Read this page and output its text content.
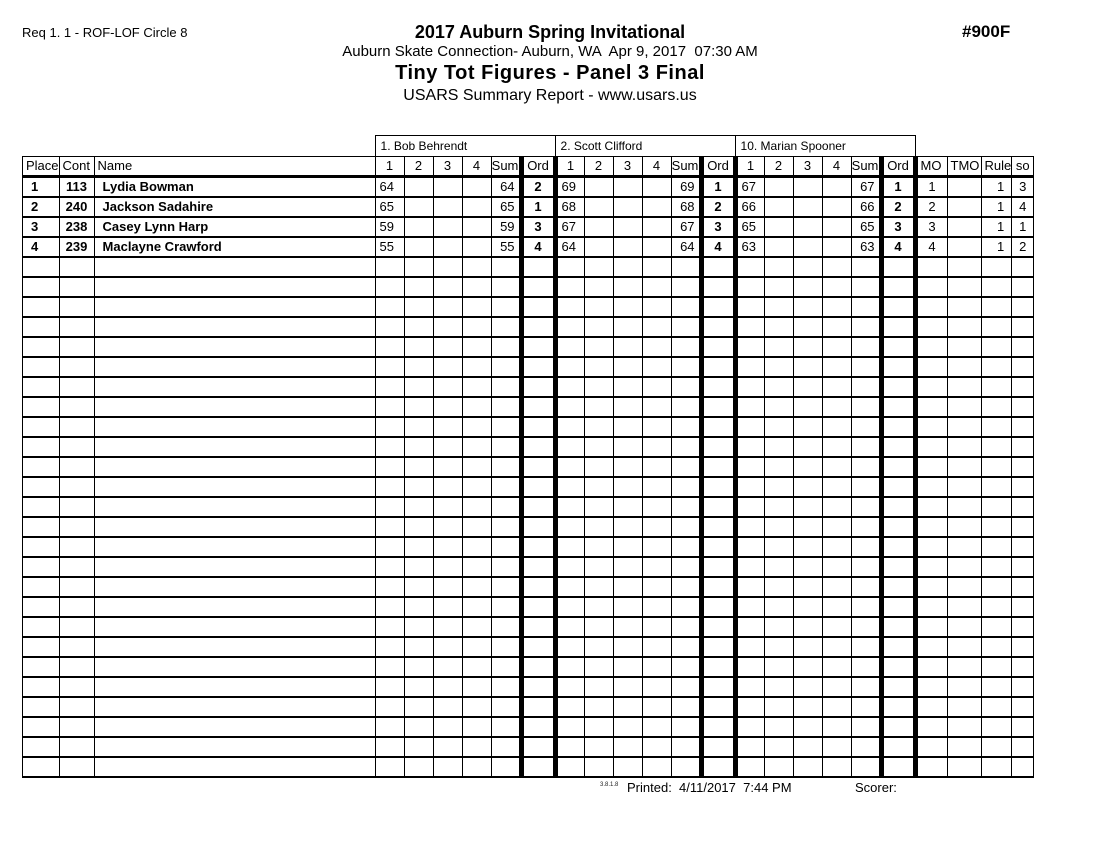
Req 1. 1 - ROF-LOF Circle 8	#900F
2017 Auburn Spring Invitational
Auburn Skate Connection- Auburn, WA  Apr 9, 2017  07:30 AM
Tiny Tot Figures - Panel 3 Final
USARS Summary Report - www.usars.us
			1. Bob Behrendt						2. Scott Clifford						10. Marian Spooner									
Place	Cont	Name	1	2	3	4	Sum	Ord	1	2	3	4	Sum	Ord	1	2	3	4	Sum	Ord	MO	TMO	Rule	so
1	113	Lydia Bowman	64				64	2	69				69	1	67				67	1	1		1	3
2	240	Jackson Sadahire	65				65	1	68				68	2	66				66	2	2		1	4
3	238	Casey Lynn Harp	59				59	3	67				67	3	65				65	3	3		1	1
4	239	Maclayne Crawford	55				55	4	64				64	4	63				63	4	4		1	2

3.8.1.8 Printed:  4/11/2017  7:44 PM	Scorer:
